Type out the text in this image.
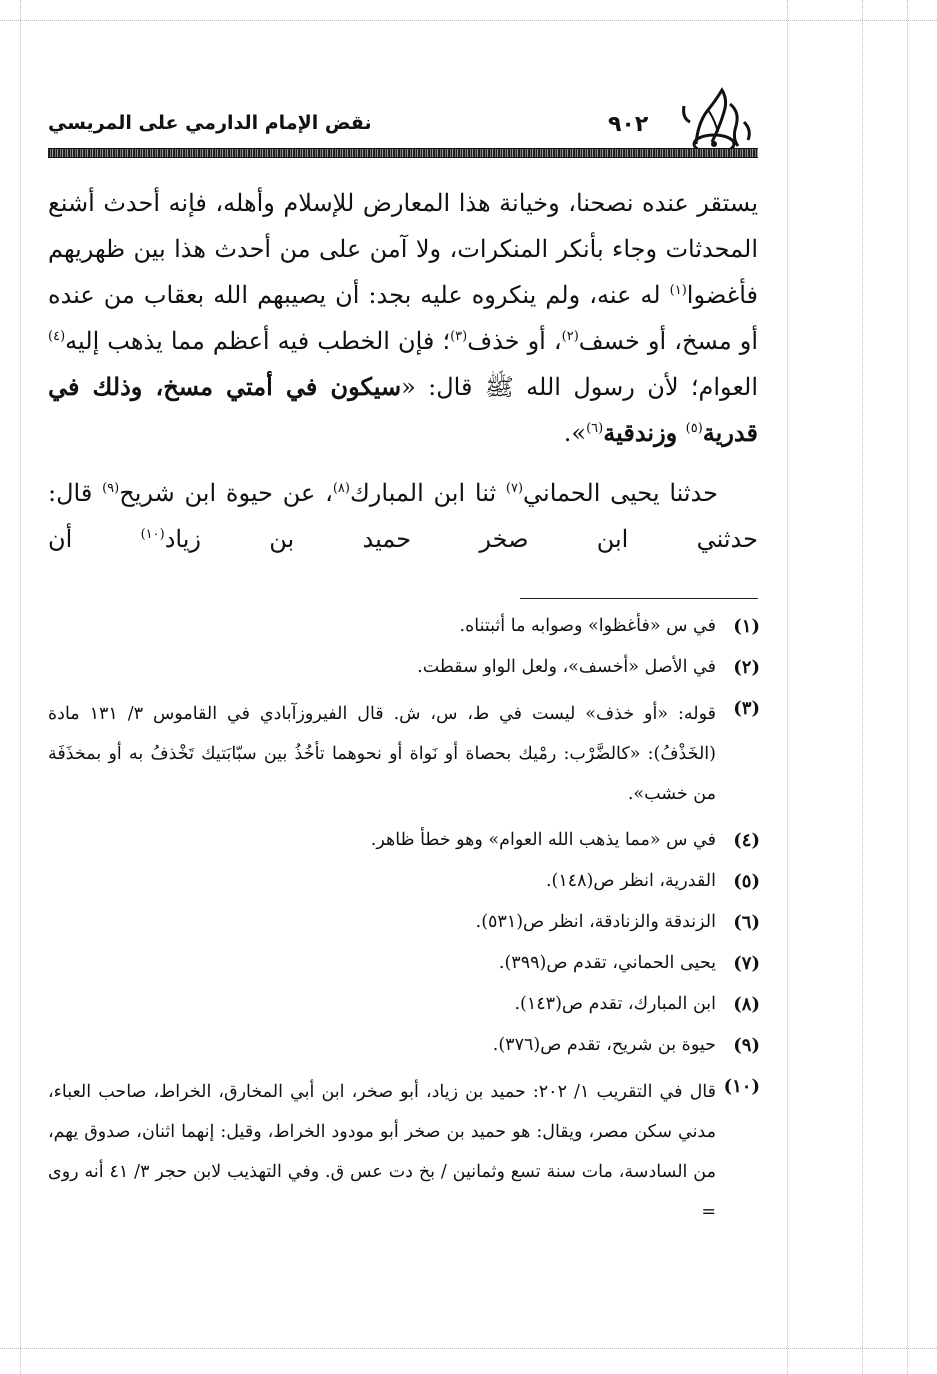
نقض الإمام الدارمي على المريسي	٩٠٢

يستقر عنده نصحنا، وخيانة هذا المعارض للإسلام وأهله، فإنه أحدث أشنع المحدثات وجاء بأنكر المنكرات، ولا آمن على من أحدث هذا بين ظهريهم فأغضوا$^{(١)}$ له عنه، ولم ينكروه عليه بجد: أن يصيبهم الله بعقاب من عنده أو مسخ، أو خسف$^{(٢)}$، أو خذف$^{(٣)}$؛ فإن الخطب فيه أعظم مما يذهب إليه$^{(٤)}$ العوام؛ لأن رسول الله ﷺ قال: «سيكون في أمتي مسخ، وذلك في قدرية$^{(٥)}$ وزندقية$^{(٦)}$».

حدثنا يحيى الحماني$^{(٧)}$ ثنا ابن المبارك$^{(٨)}$، عن حيوة ابن شريح$^{(٩)}$ قال: حدثني ابن صخر حميد بن زياد$^{(١٠)}$ أن

(١)
في س «فأغظوا» وصوابه ما أثبتناه.
(٢)
في الأصل «أخسف»، ولعل الواو سقطت.
(٣)
قوله: «أو خذف» ليست في ط، س، ش. قال الفيروزآبادي في القاموس ٣/ ١٣١ مادة (الخَذْفُ): «كالضَّرْب: رمْيك بحصاة أو نَواة أو نحوهما تأخُذُ بين سبّابَتيك تَخْذفُ به أو بمخذَفَة من خشب».
(٤)
في س «مما يذهب الله العوام» وهو خطأ ظاهر.
(٥)
القدرية، انظر ص(١٤٨).
(٦)
الزندقة والزنادقة، انظر ص(٥٣١).
(٧)
يحيى الحماني، تقدم ص(٣٩٩).
(٨)
ابن المبارك، تقدم ص(١٤٣).
(٩)
حيوة بن شريح، تقدم ص(٣٧٦).
(١٠)
قال في التقريب ١/ ٢٠٢: حميد بن زياد، أبو صخر، ابن أبي المخارق، الخراط، صاحب العباء، مدني سكن مصر، ويقال: هو حميد بن صخر أبو مودود الخراط، وقيل: إنهما اثنان، صدوق يهم، من السادسة، مات سنة تسع وثمانين / بخ دت عس ق. وفي التهذيب لابن حجر ٣/ ٤١ أنه روى =
